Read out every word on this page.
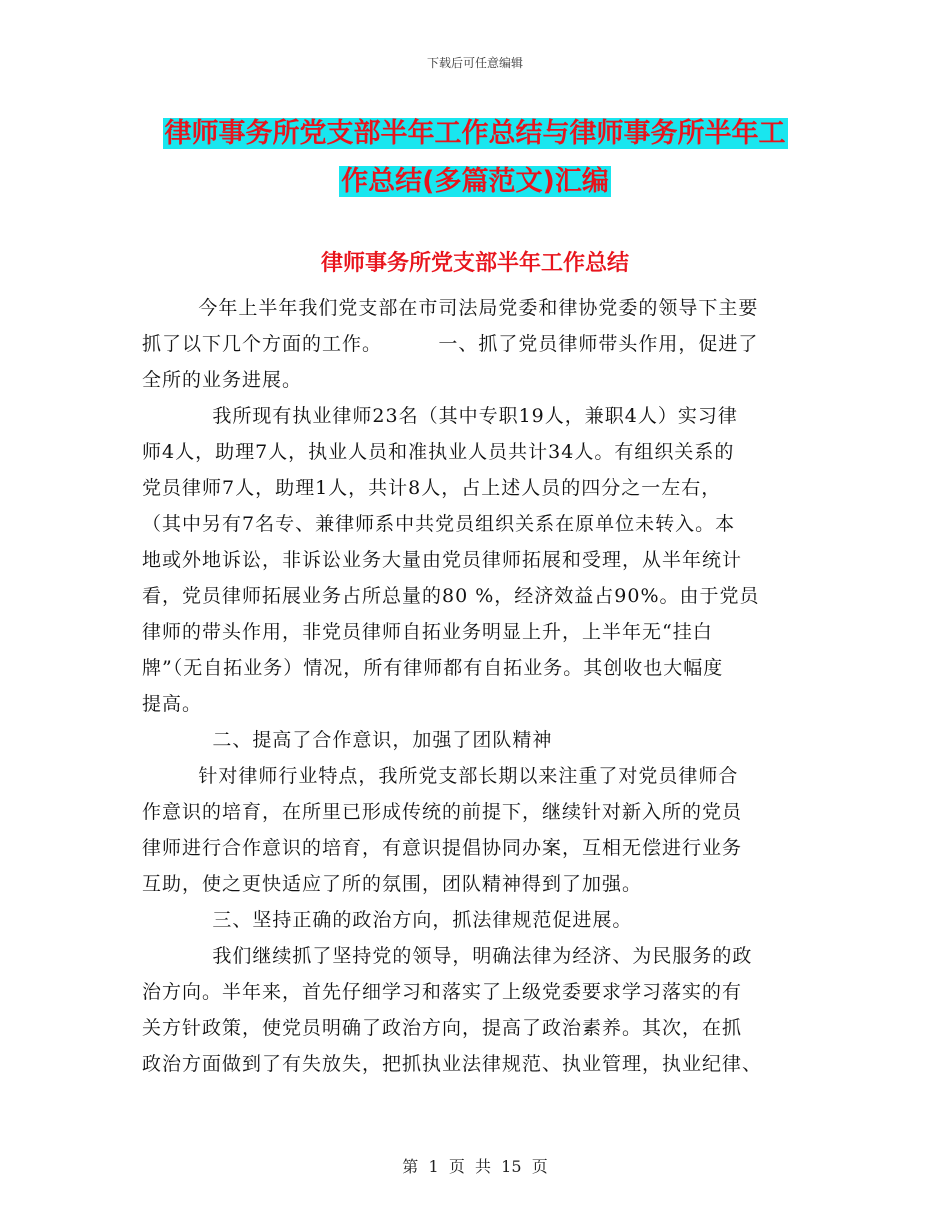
下载后可任意编辑
律师事务所党支部半年工作总结与律师事务所半年工
作总结(多篇范文)汇编
律师事务所党支部半年工作总结
今年上半年我们党支部在市司法局党委和律协党委的领导下主要
抓了以下几个方面的工作。        一、抓了党员律师带头作用，促进了
全所的业务进展。
我所现有执业律师23名（其中专职19人，兼职4人）实习律
师4人，助理7人，执业人员和准执业人员共计34人。有组织关系的
党员律师7人，助理1人，共计8人，占上述人员的四分之一左右，
（其中另有7名专、兼律师系中共党员组织关系在原单位未转入。本
地或外地诉讼，非诉讼业务大量由党员律师拓展和受理，从半年统计
看，党员律师拓展业务占所总量的80 %，经济效益占90%。由于党员
律师的带头作用，非党员律师自拓业务明显上升，上半年无“挂白
牌”（无自拓业务）情况，所有律师都有自拓业务。其创收也大幅度
提高。
二、提高了合作意识，加强了团队精神
针对律师行业特点，我所党支部长期以来注重了对党员律师合
作意识的培育，在所里已形成传统的前提下，继续针对新入所的党员
律师进行合作意识的培育，有意识提倡协同办案，互相无偿进行业务
互助，使之更快适应了所的氛围，团队精神得到了加强。
三、坚持正确的政治方向，抓法律规范促进展。
我们继续抓了坚持党的领导，明确法律为经济、为民服务的政
治方向。半年来，首先仔细学习和落实了上级党委要求学习落实的有
关方针政策，使党员明确了政治方向，提高了政治素养。其次，在抓
政治方面做到了有失放失，把抓执业法律规范、执业管理，执业纪律、
第  1  页  共  15  页
